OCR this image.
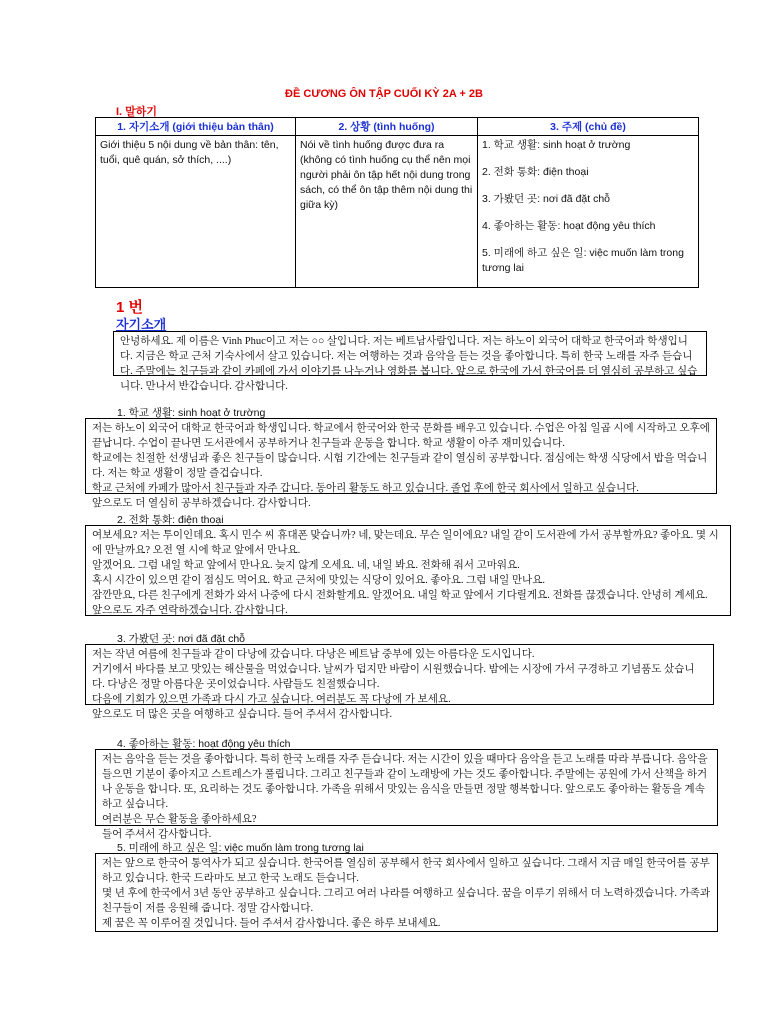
ĐỀ CƯƠNG ÔN TẬP CUỐI KỲ 2A + 2B
I. 말하기
1. 자기소개 (giới thiệu bản thân)	2. 상황 (tình huống)	3. 주제 (chủ đề)
Giới thiệu 5 nội dung về bản thân: tên, tuổi, quê quán, sở thích, ....)	Nói về tình huống được đưa ra (không có tình huống cụ thể nên mọi người phải ôn tập hết nội dung trong sách, có thể ôn tập thêm nội dung thi giữa kỳ)	1. 학교 생활: sinh hoạt ở trường

2. 전화 통화: điện thoại

3. 가봤던 곳: nơi đã đặt chỗ

4. 좋아하는 활동: hoạt động yêu thích

5. 미래에 하고 싶은 일: việc muốn làm trong tương lai

1 번
자기소개

안녕하세요. 제 이름은 Vinh Phuc이고 저는 ○○ 살입니다. 저는 베트남사람입니다. 저는 하노이 외국어 대학교 한국어과 학생입니다. 지금은 학교 근처 기숙사에서 살고 있습니다. 저는 여행하는 것과 음악을 듣는 것을 좋아합니다. 특히 한국 노래를 자주 듣습니다. 주말에는 친구들과 같이 카페에 가서 이야기를 나누거나 영화를 봅니다. 앞으로 한국에 가서 한국어를 더 열심히 공부하고 싶습니다. 만나서 반갑습니다. 감사합니다.

1. 학교 생활: sinh hoạt ở trường

저는 하노이 외국어 대학교 한국어과 학생입니다. 학교에서 한국어와 한국 문화를 배우고 있습니다. 수업은 아침 일곱 시에 시작하고 오후에 끝납니다. 수업이 끝나면 도서관에서 공부하거나 친구들과 운동을 합니다. 학교 생활이 아주 재미있습니다.

학교에는 친절한 선생님과 좋은 친구들이 많습니다. 시험 기간에는 친구들과 같이 열심히 공부합니다. 점심에는 학생 식당에서 밥을 먹습니다. 저는 학교 생활이 정말 즐겁습니다.

학교 근처에 카페가 많아서 친구들과 자주 갑니다. 동아리 활동도 하고 있습니다. 졸업 후에 한국 회사에서 일하고 싶습니다.

앞으로도 더 열심히 공부하겠습니다. 감사합니다.

2. 전화 통화: điện thoại

여보세요? 저는 투이인데요. 혹시 민수 씨 휴대폰 맞습니까? 네, 맞는데요. 무슨 일이에요? 내일 같이 도서관에 가서 공부할까요? 좋아요. 몇 시에 만날까요? 오전 열 시에 학교 앞에서 만나요.

알겠어요. 그럼 내일 학교 앞에서 만나요. 늦지 않게 오세요. 네, 내일 봐요. 전화해 줘서 고마워요.

혹시 시간이 있으면 같이 점심도 먹어요. 학교 근처에 맛있는 식당이 있어요. 좋아요. 그럼 내일 만나요.

잠깐만요, 다른 친구에게 전화가 와서 나중에 다시 전화할게요. 알겠어요. 내일 학교 앞에서 기다릴게요. 전화를 끊겠습니다. 안녕히 계세요.

앞으로도 자주 연락하겠습니다. 감사합니다.

3. 가봤던 곳: nơi đã đặt chỗ

저는 작년 여름에 친구들과 같이 다낭에 갔습니다. 다낭은 베트남 중부에 있는 아름다운 도시입니다.

거기에서 바다를 보고 맛있는 해산물을 먹었습니다. 날씨가 덥지만 바람이 시원했습니다. 밤에는 시장에 가서 구경하고 기념품도 샀습니다. 다낭은 정말 아름다운 곳이었습니다. 사람들도 친절했습니다.

다음에 기회가 있으면 가족과 다시 가고 싶습니다. 여러분도 꼭 다낭에 가 보세요.

앞으로도 더 많은 곳을 여행하고 싶습니다. 들어 주셔서 감사합니다.

4. 좋아하는 활동: hoạt động yêu thích

저는 음악을 듣는 것을 좋아합니다. 특히 한국 노래를 자주 듣습니다. 저는 시간이 있을 때마다 음악을 듣고 노래를 따라 부릅니다. 음악을 들으면 기분이 좋아지고 스트레스가 풀립니다. 그리고 친구들과 같이 노래방에 가는 것도 좋아합니다. 주말에는 공원에 가서 산책을 하거나 운동을 합니다. 또, 요리하는 것도 좋아합니다. 가족을 위해서 맛있는 음식을 만들면 정말 행복합니다. 앞으로도 좋아하는 활동을 계속하고 싶습니다.

여러분은 무슨 활동을 좋아하세요?

들어 주셔서 감사합니다.

5. 미래에 하고 싶은 일: việc muốn làm trong tương lai

저는 앞으로 한국어 통역사가 되고 싶습니다. 한국어를 열심히 공부해서 한국 회사에서 일하고 싶습니다. 그래서 지금 매일 한국어를 공부하고 있습니다. 한국 드라마도 보고 한국 노래도 듣습니다.

몇 년 후에 한국에서 3년 동안 공부하고 싶습니다. 그리고 여러 나라를 여행하고 싶습니다. 꿈을 이루기 위해서 더 노력하겠습니다. 가족과 친구들이 저를 응원해 줍니다. 정말 감사합니다.

제 꿈은 꼭 이루어질 것입니다. 들어 주셔서 감사합니다. 좋은 하루 보내세요.
